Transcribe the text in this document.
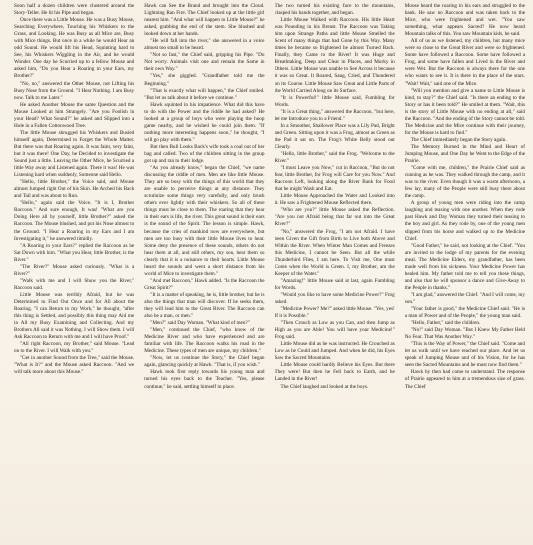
Soon half a dozen children were clustered around the Story-Teller. He lit his Pipe and began.

Once there was a Little Mouse. He was a Busy Mouse, Searching Everywhere, Touching his Whiskers to the Grass, and Looking. He was Busy as all Mice are, Busy with Mice things. But once in a while he would Hear an odd Sound. He would lift his Head, Squinting hard to See, his Whiskers Wiggling in the Air, and he would Wonder. One day he Scurried up to a fellow Mouse and asked him, "Do you Hear a Roaring in your Ears, my Brother?"

"No, no," answered the Other Mouse, not Lifting his Busy Nose from the Ground. "I Hear Nothing. I am Busy now. Talk to me Later."

He asked Another Mouse the same Question and the Mouse Looked at him Strangely. "Are you Foolish in your Head? What Sound?" he asked and Slipped into a Hole in a Fallen Cottonwood Tree.

The little Mouse shrugged his Whiskers and Busied himself again, Determined to Forget the Whole Matter. But there was that Roaring again. It was faint, very faint, but it was there! One Day, he Decided to investigate the Sound just a little. Leaving the Other Mice, he Scurried a little Way away and Listened again. There it was! He was Listening hard when suddenly, Someone said Hello.

"Hello, little Brother," the Voice said, and Mouse almost Jumped right Out of his Skin. He Arched his Back and Tail and was about to Run.

"Hello," again said the Voice. "It is I, Brother Raccoon." And sure enough, It was! "What are you Doing Here all by yourself, little Brother?" asked the Raccoon. The Mouse blushed, and put his Nose almost to the Ground. "I Hear a Roaring in my Ears and I am Investigating it," he answered timidly.

"A Roaring in your Ears?" replied the Raccoon as he Sat Down with him. "What you Hear, little Brother, is the River."

"The River?" Mouse asked curiously. "What is a River?"

"Walk with me and I will Show you the River," Raccoon said.

Little Mouse was terribly Afraid, but he was Determined to Find Out Once and for All about the Roaring. "I can Return to my Work," he thought, "after this thing is Settled, and possibly this thing may Aid me in All my Busy Examining and Collecting. And my Brothers All said it was Nothing. I will Show them. I will Ask Raccoon to Return with me and I will have Proof."

"All right Raccoon, my Brother," said Mouse. "Lead on to the River. I will Walk with you."

"Get in another Sound from the Tree," said the Mouse. "What is It?" and the Mouse asked Raccoon. "And we will talk more about this Mouse."

Hawk can See the Brand and brought into the Cloud. Lightning Ran Fire. The Chief looked up at the little girl nearest him. "And what will happen to Little Mouse?" he asked, grabbing the end of the stem. She blushed and looked down at her hands.

"He will fall into the river," she answered in a voice almost too small to be heard.

"Not so fast," the Chief said, gripping his Pipe. "Do Not worry. Animals visit one and remain the Same in their own Way."

"Yes," she giggled. "Grandfather told me the Beginning."

"That is exactly what will happen," the Chief smiled. "But let us talk about it before we continue."

Hawk squinted in his impatience. What did this have to do with the Power and the riddle he had asked? He looked at a group of boys who were playing the hoop game nearby, and he wished he could join them. "If nothing more interesting happens soon," he thought, "I will go play with them."

But then Bull Looks Back's wife took a coal out of her bag and called. Two of the children sitting in the group got up and ran to their lodge.

"As you already know," began the Chief, "we name discussing the riddle of men. Men are like little Mouse. They are so busy with the things of this world that they are unable to perceive things at any distance. They scrutinize some things very carefully, and only brush others ever lightly with their whiskers. So all of these things must be close to them. The roaring that they hear in their ears is life, the river. This great sound is their ears is the sound of the Spirit. The lesson is simple. Hawk, because the cries of mankind now are everywhere, but men are too busy with their little Mouse lives to hear. Some deny the presence of these sounds, others do not hear them at all, and still others, my son, hear them so clearly that it is a nuisance to their hearts. Little Mouse heard the sounds and went a short distance from his world of Mice to investigate them."

"And met Raccoon," Hawk added. "Is the Raccoon the Great Spirit?"

"It is a matter of speaking, he is, little brother, but he is also the things that man will discover. If he seeks them, they will lead him to the Great River. The Raccoon can also be a man, or men."

"Men?" said Day Woman. "What kind of men?"

"Men," continued the Chief, "who know of the Medicine River and who have experienced and are familiar with life. The Raccoon walks his road in the Medicine. These types of men are unique, my children."

"Now, let us continue the Story," the Chief began again, glancing quickly at Hawk. "That is, if you wish."

Hawk took first reply towards his young man and turned his eyes back to the Teacher. "Yes, please continue," he said, settling himself in place.

The two turned his existing face to the mountains, clasped his hands together, and began.

Little Mouse Walked with Raccoon. His little Heart was Pounding in his Breast. The Raccoon was Taking him upon Strange Paths and little Mouse Smelled the Scent of many things that had Gone by this Way. Many times he became so frightened he almost Turned Back. Finally, they Came to the River! It was Huge and Breathtaking, Deep and Clear in Places, and Murky in Others. Little Mouse was unable to See Across it because it was so Great. It Roared, Sang, Cried, and Thundered on its Course. Little Mouse Saw Great and Little Parts of the World Carried Along on its Surface.

"It is Powerful!" little Mouse said, Fumbling for Words.

"It is a Great thing," answered the Raccoon, "but here, let me Introduce you to a Friend."

In a Smoother, Shallower Place was a Lily Pad, Bright and Green. Sitting upon it was a Frog, almost as Green as the Pad it sat on. The Frog's White Belly stood out Clearly.

"Hello, little Brother," said the Frog. "Welcome to the River."

"I must Leave you Now," cut in Raccoon, "But do not fear, little Brother, for Frog will Care for you Now." And Raccoon Left, looking along the River Bank for Food that he might Wash and Eat.

Little Mouse Approached the Water and Looked into it. He saw a Frightened Mouse Reflected there.

"Who are you?" little Mouse asked the Reflection. "Are you not Afraid being that far out into the Great River?"

"No," answered the Frog, "I am not Afraid. I have been Given the Gift from Birth to Live both Above and Within the River. When Winter Man Comes and Freezes this Medicine, I cannot be Seen. But all the while Thunderbird Flies, I am here. To Visit me, One must Come when the World is Green. I, my Brother, am the Keeper of the Water."

"Amazing!" little Mouse said at last, again Fumbling for Words.

"Would you like to have some Medicine Power?" Frog asked.

"Medicine Power? Me?" asked little Mouse. "Yes, yes! If it is Possible."

"Then Crouch as Low as you Can, and then Jump as High as you are Able! You will have your Medicine!" Frog said.

Little Mouse did as he was instructed. He Crouched as Low as he Could and Jumped. And when he did, his Eyes Saw the Sacred Mountains.

Little Mouse could hardly Believe his Eyes. But there They were! But then he Fell back to Earth, and he Landed in the River!

The Chief laughed and looked at the boys.

Mouse heard the roaring in his ears and struggled to the bank. He saw no Raccoon and was taken back to the Mice, who were frightened and wet. "You saw something, what appears Sacred? He now heard Mountain talks of this. You saw Mountain kids, he said.

All of us as we listened, my children, but many mice were so close to the Great River and were so frightened. Some have followed a Raccoon. Some have followed a Frog, and some have fallen and Lived in the River and were Wet. But the Raccoon is always there for the one who wants to see it. It is there in the place of the stars. "Wait! Wait," said one of the Mice.

"Will you mention and give a name to Little Mouse is kind, to stay?" the Chief said. "Is there an ending to the Story or has it been told?" He smiled at them. "Wait, this is the story of Little Mouse with no ending at all," said the Raccoon. "And the ending of the Story cannot be told. The Medicine and the Mice continue with their journey, for the Mouse is hard to find."

The Chief immediately began the Story again.

The Memory Burned in the Mind and Heart of Jumping Mouse, and One Day he Went to the Edge of the Prairie.

"Come with me, children," the Prairie Chief said as cunning as he was. They walked through the camp, and it was to the river. Even though it was a warm afternoon, a few lay, many of the People were still busy there about the camp.

A group of young men were riding into the camp laughing and teasing with one another. When they rode past Hawk and Day Woman they turned their teasing to the boy and girl. As they rode by, one of the young men slipped from his horse and walked up to the Medicine Chief.

"Good Father," he said, not looking at the Chief. "You are invited to the lodge of my parents for the evening meal. The Medicine Elders, my grandfather, has been made well from his sickness. Your Medicine Power has healed him. My father told me to tell you these things, and also that he will sponsor a dance and Give-Away to the People in thanks."

"I am glad," answered the Chief. "And I will come, my son."

"Your father is good," the Medicine Chief said. "He is a man of Power and of the People," the young man said.

"Hello, Father," said the children.

"No!" said Day Woman. "But I Knew My Father Held No Fear. That Was Another Way."

"This is the Way of Power," the Chief said. "Come and let us walk until we have reached our place. And let us speak of Jumping Mouse and of his Vision, for he has seen the Sacred Mountains and he must now find them."

Hawk by then had come to understand. The response of Prairie appeared to him at a tremendous size of grass. The Chief
